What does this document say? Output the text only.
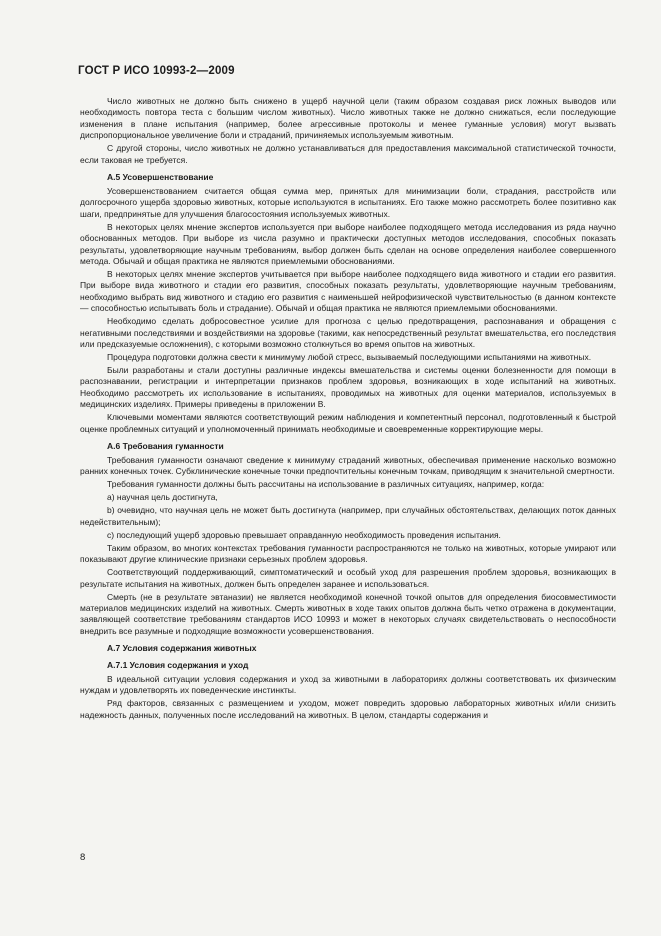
ГОСТ Р ИСО 10993-2—2009

Число животных не должно быть снижено в ущерб научной цели (таким образом создавая риск ложных выводов или необходимость повтора теста с большим числом животных). Число животных также не должно снижаться, если последующие изменения в плане испытания (например, более агрессивные протоколы и менее гуманные условия) могут вызвать диспропорциональное увеличение боли и страданий, причиняемых используемым животным.

С другой стороны, число животных не должно устанавливаться для предоставления максимальной статистической точности, если таковая не требуется.

А.5 Усовершенствование

Усовершенствованием считается общая сумма мер, принятых для минимизации боли, страдания, расстройств или долгосрочного ущерба здоровью животных, которые используются в испытаниях. Его также можно рассмотреть более позитивно как шаги, предпринятые для улучшения благосостояния используемых животных.

В некоторых целях мнение экспертов используется при выборе наиболее подходящего метода исследования из ряда научно обоснованных методов. При выборе из числа разумно и практически доступных методов исследования, способных показать результаты, удовлетворяющие научным требованиям, выбор должен быть сделан на основе определения наиболее совершенного метода. Обычай и общая практика не являются приемлемыми обоснованиями.

В некоторых целях мнение экспертов учитывается при выборе наиболее подходящего вида животного и стадии его развития. При выборе вида животного и стадии его развития, способных показать результаты, удовлетворяющие научным требованиям, необходимо выбрать вид животного и стадию его развития с наименьшей нейрофизической чувствительностью (в данном контексте — способностью испытывать боль и страдание). Обычай и общая практика не являются приемлемыми обоснованиями.

Необходимо сделать добросовестное усилие для прогноза с целью предотвращения, распознавания и обращения с негативными последствиями и воздействиями на здоровье (такими, как непосредственный результат вмешательства, его последствия или предсказуемые осложнения), с которыми возможно столкнуться во время опытов на животных.

Процедура подготовки должна свести к минимуму любой стресс, вызываемый последующими испытаниями на животных.

Были разработаны и стали доступны различные индексы вмешательства и системы оценки болезненности для помощи в распознавании, регистрации и интерпретации признаков проблем здоровья, возникающих в ходе испытаний на животных. Необходимо рассмотреть их использование в испытаниях, проводимых на животных для оценки материалов, используемых в медицинских изделиях. Примеры приведены в приложении В.

Ключевыми моментами являются соответствующий режим наблюдения и компетентный персонал, подготовленный к быстрой оценке проблемных ситуаций и уполномоченный принимать необходимые и своевременные корректирующие меры.

А.6 Требования гуманности

Требования гуманности означают сведение к минимуму страданий животных, обеспечивая применение насколько возможно ранних конечных точек. Субклинические конечные точки предпочтительны конечным точкам, приводящим к значительной смертности.

Требования гуманности должны быть рассчитаны на использование в различных ситуациях, например, когда:

а) научная цель достигнута,

b) очевидно, что научная цель не может быть достигнута (например, при случайных обстоятельствах, делающих поток данных недействительным);

с) последующий ущерб здоровью превышает оправданную необходимость проведения испытания.

Таким образом, во многих контекстах требования гуманности распространяются не только на животных, которые умирают или показывают другие клинические признаки серьезных проблем здоровья.

Соответствующий поддерживающий, симптоматический и особый уход для разрешения проблем здоровья, возникающих в результате испытания на животных, должен быть определен заранее и использоваться.

Смерть (не в результате эвтаназии) не является необходимой конечной точкой опытов для определения биосовместимости материалов медицинских изделий на животных. Смерть животных в ходе таких опытов должна быть четко отражена в документации, заявляющей соответствие требованиям стандартов ИСО 10993 и может в некоторых случаях свидетельствовать о неспособности внедрить все разумные и подходящие возможности усовершенствования.

А.7 Условия содержания животных
А.7.1 Условия содержания и уход

В идеальной ситуации условия содержания и уход за животными в лабораториях должны соответствовать их физическим нуждам и удовлетворять их поведенческие инстинкты.

Ряд факторов, связанных с размещением и уходом, может повредить здоровью лабораторных животных и/или снизить надежность данных, полученных после исследований на животных. В целом, стандарты содержания и

8
